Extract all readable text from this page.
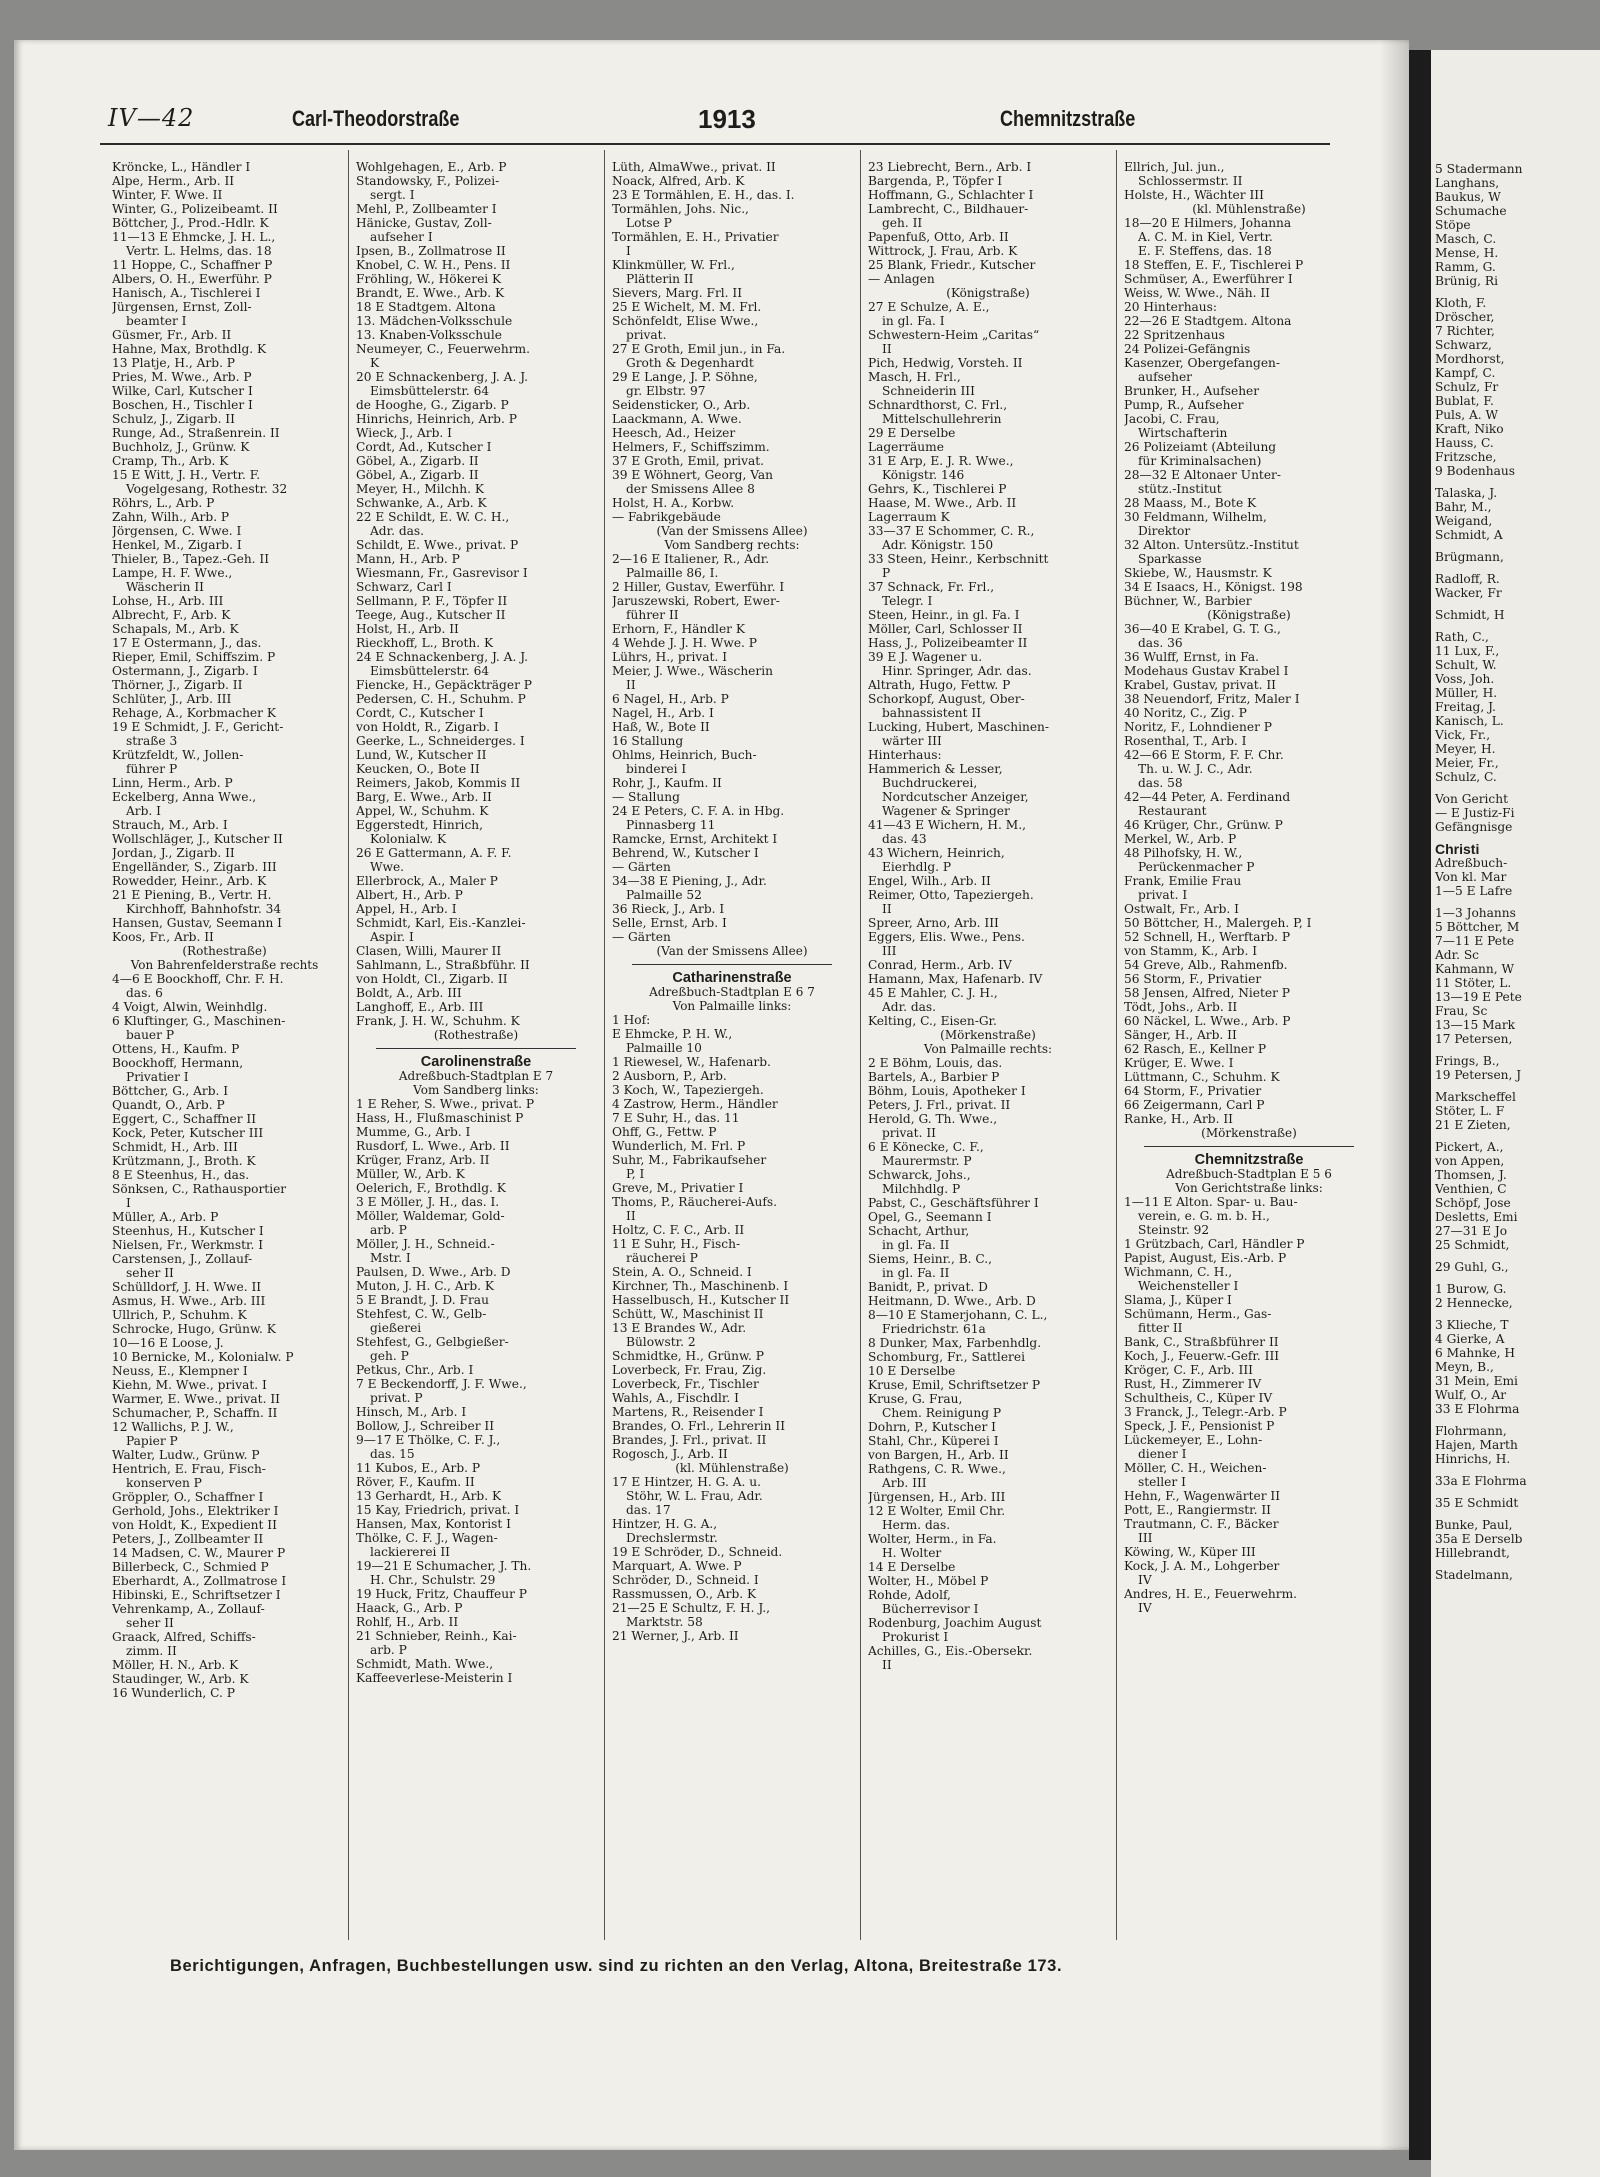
5 Stadermann
Langhans,
Baukus, W
Schumache
Stöpe
Masch, C.
Mense, H.
Ramm, G.
Brünig, Ri
Kloth, F.
Dröscher,
7 Richter,
Schwarz,
Mordhorst,
Kampf, C.
Schulz, Fr
Bublat, F.
Puls, A. W
Kraft, Niko
Hauss, C.
Fritzsche,
9 Bodenhaus
Talaska, J.
Bahr, M.,
Weigand,
Schmidt, A
Brügmann,
Radloff, R.
Wacker, Fr
Schmidt, H
Rath, C.,
11 Lux, F.,
Schult, W.
Voss, Joh.
Müller, H.
Freitag, J.
Kanisch, L.
Vick, Fr.,
Meyer, H.
Meier, Fr.,
Schulz, C.
Von Gericht
— E Justiz-Fi
Gefängnisge
Christi
Adreßbuch-
Von kl. Mar
1—5 E Lafre
1—3 Johanns
5 Böttcher, M
7—11 E Pete
Adr. Sc
Kahmann, W
11 Stöter, L.
13—19 E Pete
Frau, Sc
13—15 Mark
17 Petersen,
Frings, B.,
19 Petersen, J
Markscheffel
Stöter, L. F
21 E Zieten,
Pickert, A.,
von Appen,
Thomsen, J.
Venthien, C
Schöpf, Jose
Desletts, Emi
27—31 E Jo
25 Schmidt,
29 Guhl, G.,
1 Burow, G.
2 Hennecke,
3 Klieche, T
4 Gierke, A
6 Mahnke, H
Meyn, B.,
31 Mein, Emi
Wulf, O., Ar
33 E Flohrma
Flohrmann,
Hajen, Marth
Hinrichs, H.
33a E Flohrma
35 E Schmidt
Bunke, Paul,
35a E Derselb
Hillebrandt,
Stadelmann,
IV—42	Carl-Theodorstraße	1913	Chemnitzstraße
Kröncke, L., Händler I
Alpe, Herm., Arb. II
Winter, F. Wwe. II
Winter, G., Polizeibeamt. II
Böttcher, J., Prod.-Hdlr. K
11—13 E Ehmcke, J. H. L.,
Vertr. L. Helms, das. 18
11 Hoppe, C., Schaffner P
Albers, O. H., Ewerführ. P
Hanisch, A., Tischlerei I
Jürgensen, Ernst, Zoll-
beamter I
Güsmer, Fr., Arb. II
Hahne, Max, Brothdlg. K
13 Platje, H., Arb. P
Pries, M. Wwe., Arb. P
Wilke, Carl, Kutscher I
Boschen, H., Tischler I
Schulz, J., Zigarb. II
Runge, Ad., Straßenrein. II
Buchholz, J., Grünw. K
Cramp, Th., Arb. K
15 E Witt, J. H., Vertr. F.
Vogelgesang, Rothestr. 32
Röhrs, L., Arb. P
Zahn, Wilh., Arb. P
Jörgensen, C. Wwe. I
Henkel, M., Zigarb. I
Thieler, B., Tapez.-Geh. II
Lampe, H. F. Wwe.,
Wäscherin II
Lohse, H., Arb. III
Albrecht, F., Arb. K
Schapals, M., Arb. K
17 E Ostermann, J., das.
Rieper, Emil, Schiffszim. P
Ostermann, J., Zigarb. I
Thörner, J., Zigarb. II
Schlüter, J., Arb. III
Rehage, A., Korbmacher K
19 E Schmidt, J. F., Gericht-
straße 3
Krützfeldt, W., Jollen-
führer P
Linn, Herm., Arb. P
Eckelberg, Anna Wwe.,
Arb. I
Strauch, M., Arb. I
Wollschläger, J., Kutscher II
Jordan, J., Zigarb. II
Engelländer, S., Zigarb. III
Rowedder, Heinr., Arb. K
21 E Piening, B., Vertr. H.
Kirchhoff, Bahnhofstr. 34
Hansen, Gustav, Seemann I
Koos, Fr., Arb. II
(Rothestraße)
Von Bahrenfelderstraße rechts
4—6 E Boockhoff, Chr. F. H.
das. 6
4 Voigt, Alwin, Weinhdlg.
6 Kluftinger, G., Maschinen-
bauer P
Ottens, H., Kaufm. P
Boockhoff, Hermann,
Privatier I
Böttcher, G., Arb. I
Quandt, O., Arb. P
Eggert, C., Schaffner II
Kock, Peter, Kutscher III
Schmidt, H., Arb. III
Krützmann, J., Broth. K
8 E Steenhus, H., das.
Sönksen, C., Rathausportier
I
Müller, A., Arb. P
Steenhus, H., Kutscher I
Nielsen, Fr., Werkmstr. I
Carstensen, J., Zollauf-
seher II
Schülldorf, J. H. Wwe. II
Asmus, H. Wwe., Arb. III
Ullrich, P., Schuhm. K
Schrocke, Hugo, Grünw. K
10—16 E Loose, J.
10 Bernicke, M., Kolonialw. P
Neuss, E., Klempner I
Kiehn, M. Wwe., privat. I
Warmer, E. Wwe., privat. II
Schumacher, P., Schaffn. II
12 Wallichs, P. J. W.,
Papier P
Walter, Ludw., Grünw. P
Hentrich, E. Frau, Fisch-
konserven P
Gröppler, O., Schaffner I
Gerhold, Johs., Elektriker I
von Holdt, K., Expedient II
Peters, J., Zollbeamter II
14 Madsen, C. W., Maurer P
Billerbeck, C., Schmied P
Eberhardt, A., Zollmatrose I
Hibinski, E., Schriftsetzer I
Vehrenkamp, A., Zollauf-
seher II
Graack, Alfred, Schiffs-
zimm. II
Möller, H. N., Arb. K
Staudinger, W., Arb. K
16 Wunderlich, C. P
Wohlgehagen, E., Arb. P
Standowsky, F., Polizei-
sergt. I
Mehl, P., Zollbeamter I
Hänicke, Gustav, Zoll-
aufseher I
Ipsen, B., Zollmatrose II
Knobel, C. W. H., Pens. II
Fröhling, W., Hökerei K
Brandt, E. Wwe., Arb. K
18 E Stadtgem. Altona
13. Mädchen-Volksschule
13. Knaben-Volksschule
Neumeyer, C., Feuerwehrm.
K
20 E Schnackenberg, J. A. J.
Eimsbüttelerstr. 64
de Hooghe, G., Zigarb. P
Hinrichs, Heinrich, Arb. P
Wieck, J., Arb. I
Cordt, Ad., Kutscher I
Göbel, A., Zigarb. II
Göbel, A., Zigarb. II
Meyer, H., Milchh. K
Schwanke, A., Arb. K
22 E Schildt, E. W. C. H.,
Adr. das.
Schildt, E. Wwe., privat. P
Mann, H., Arb. P
Wiesmann, Fr., Gasrevisor I
Schwarz, Carl I
Sellmann, P. F., Töpfer II
Teege, Aug., Kutscher II
Holst, H., Arb. II
Rieckhoff, L., Broth. K
24 E Schnackenberg, J. A. J.
Eimsbüttelerstr. 64
Fiencke, H., Gepäckträger P
Pedersen, C. H., Schuhm. P
Cordt, C., Kutscher I
von Holdt, R., Zigarb. I
Geerke, L., Schneiderges. I
Lund, W., Kutscher II
Keucken, O., Bote II
Reimers, Jakob, Kommis II
Barg, E. Wwe., Arb. II
Appel, W., Schuhm. K
Eggerstedt, Hinrich,
Kolonialw. K
26 E Gattermann, A. F. F.
Wwe.
Ellerbrock, A., Maler P
Albert, H., Arb. P
Appel, H., Arb. I
Schmidt, Karl, Eis.-Kanzlei-
Aspir. I
Clasen, Willi, Maurer II
Sahlmann, L., Straßbführ. II
von Holdt, Cl., Zigarb. II
Boldt, A., Arb. III
Langhoff, E., Arb. III
Frank, J. H. W., Schuhm. K
(Rothestraße)
Carolinenstraße
Adreßbuch-Stadtplan E 7
Vom Sandberg links:
1 E Reher, S. Wwe., privat. P
Hass, H., Flußmaschinist P
Mumme, G., Arb. I
Rusdorf, L. Wwe., Arb. II
Krüger, Franz, Arb. II
Müller, W., Arb. K
Oelerich, F., Brothdlg. K
3 E Möller, J. H., das. I.
Möller, Waldemar, Gold-
arb. P
Möller, J. H., Schneid.-
Mstr. I
Paulsen, D. Wwe., Arb. D
Muton, J. H. C., Arb. K
5 E Brandt, J. D. Frau
Stehfest, C. W., Gelb-
gießerei
Stehfest, G., Gelbgießer-
geh. P
Petkus, Chr., Arb. I
7 E Beckendorff, J. F. Wwe.,
privat. P
Hinsch, M., Arb. I
Bollow, J., Schreiber II
9—17 E Thölke, C. F. J.,
das. 15
11 Kubos, E., Arb. P
Röver, F., Kaufm. II
13 Gerhardt, H., Arb. K
15 Kay, Friedrich, privat. I
Hansen, Max, Kontorist I
Thölke, C. F. J., Wagen-
lackiererei II
19—21 E Schumacher, J. Th.
H. Chr., Schulstr. 29
19 Huck, Fritz, Chauffeur P
Haack, G., Arb. P
Rohlf, H., Arb. II
21 Schnieber, Reinh., Kai-
arb. P
Schmidt, Math. Wwe.,
Kaffeeverlese-Meisterin I
Lüth, AlmaWwe., privat. II
Noack, Alfred, Arb. K
23 E Tormählen, E. H., das. I.
Tormählen, Johs. Nic.,
Lotse P
Tormählen, E. H., Privatier
I
Klinkmüller, W. Frl.,
Plätterin II
Sievers, Marg. Frl. II
25 E Wichelt, M. M. Frl.
Schönfeldt, Elise Wwe.,
privat.
27 E Groth, Emil jun., in Fa.
Groth & Degenhardt
29 E Lange, J. P. Söhne,
gr. Elbstr. 97
Seidensticker, O., Arb.
Laackmann, A. Wwe.
Heesch, Ad., Heizer
Helmers, F., Schiffszimm.
37 E Groth, Emil, privat.
39 E Wöhnert, Georg, Van
der Smissens Allee 8
Holst, H. A., Korbw.
— Fabrikgebäude
(Van der Smissens Allee)
Vom Sandberg rechts:
2—16 E Italiener, R., Adr.
Palmaille 86, I.
2 Hiller, Gustav, Ewerführ. I
Jaruszewski, Robert, Ewer-
führer II
Erhorn, F., Händler K
4 Wehde J. J. H. Wwe. P
Lührs, H., privat. I
Meier, J. Wwe., Wäscherin
II
6 Nagel, H., Arb. P
Nagel, H., Arb. I
Haß, W., Bote II
16 Stallung
Ohlms, Heinrich, Buch-
binderei I
Rohr, J., Kaufm. II
— Stallung
24 E Peters, C. F. A. in Hbg.
Pinnasberg 11
Ramcke, Ernst, Architekt I
Behrend, W., Kutscher I
— Gärten
34—38 E Piening, J., Adr.
Palmaille 52
36 Rieck, J., Arb. I
Selle, Ernst, Arb. I
— Gärten
(Van der Smissens Allee)
Catharinenstraße
Adreßbuch-Stadtplan E 6 7
Von Palmaille links:
1 Hof:
E Ehmcke, P. H. W.,
Palmaille 10
1 Riewesel, W., Hafenarb.
2 Ausborn, P., Arb.
3 Koch, W., Tapeziergeh.
4 Zastrow, Herm., Händler
7 E Suhr, H., das. 11
Ohff, G., Fettw. P
Wunderlich, M. Frl. P
Suhr, M., Fabrikaufseher
P, I
Greve, M., Privatier I
Thoms, P., Räucherei-Aufs.
II
Holtz, C. F. C., Arb. II
11 E Suhr, H., Fisch-
räucherei P
Stein, A. O., Schneid. I
Kirchner, Th., Maschinenb. I
Hasselbusch, H., Kutscher II
Schütt, W., Maschinist II
13 E Brandes W., Adr.
Bülowstr. 2
Schmidtke, H., Grünw. P
Loverbeck, Fr. Frau, Zig.
Loverbeck, Fr., Tischler
Wahls, A., Fischdlr. I
Martens, R., Reisender I
Brandes, O. Frl., Lehrerin II
Brandes, J. Frl., privat. II
Rogosch, J., Arb. II
(kl. Mühlenstraße)
17 E Hintzer, H. G. A. u.
Stöhr, W. L. Frau, Adr.
das. 17
Hintzer, H. G. A.,
Drechslermstr.
19 E Schröder, D., Schneid.
Marquart, A. Wwe. P
Schröder, D., Schneid. I
Rassmussen, O., Arb. K
21—25 E Schultz, F. H. J.,
Marktstr. 58
21 Werner, J., Arb. II
23 Liebrecht, Bern., Arb. I
Bargenda, P., Töpfer I
Hoffmann, G., Schlachter I
Lambrecht, C., Bildhauer-
geh. II
Papenfuß, Otto, Arb. II
Wittrock, J. Frau, Arb. K
25 Blank, Friedr., Kutscher
— Anlagen
(Königstraße)
27 E Schulze, A. E.,
in gl. Fa. I
Schwestern-Heim „Caritas“
II
Pich, Hedwig, Vorsteh. II
Masch, H. Frl.,
Schneiderin III
Schnardthorst, C. Frl.,
Mittelschullehrerin
29 E Derselbe
Lagerräume
31 E Arp, E. J. R. Wwe.,
Königstr. 146
Gehrs, K., Tischlerei P
Haase, M. Wwe., Arb. II
Lagerraum K
33—37 E Schommer, C. R.,
Adr. Königstr. 150
33 Steen, Heinr., Kerbschnitt
P
37 Schnack, Fr. Frl.,
Telegr. I
Steen, Heinr., in gl. Fa. I
Möller, Carl, Schlosser II
Hass, J., Polizeibeamter II
39 E J. Wagener u.
Hinr. Springer, Adr. das.
Altrath, Hugo, Fettw. P
Schorkopf, August, Ober-
bahnassistent II
Lucking, Hubert, Maschinen-
wärter III
Hinterhaus:
Hammerich & Lesser,
Buchdruckerei,
Nordcutscher Anzeiger,
Wagener & Springer
41—43 E Wichern, H. M.,
das. 43
43 Wichern, Heinrich,
Eierhdlg. P
Engel, Wilh., Arb. II
Reimer, Otto, Tapeziergeh.
II
Spreer, Arno, Arb. III
Eggers, Elis. Wwe., Pens.
III
Conrad, Herm., Arb. IV
Hamann, Max, Hafenarb. IV
45 E Mahler, C. J. H.,
Adr. das.
Kelting, C., Eisen-Gr.
(Mörkenstraße)
Von Palmaille rechts:
2 E Böhm, Louis, das.
Bartels, A., Barbier P
Böhm, Louis, Apotheker I
Peters, J. Frl., privat. II
Herold, G. Th. Wwe.,
privat. II
6 E Könecke, C. F.,
Maurermstr. P
Schwarck, Johs.,
Milchhdlg. P
Pabst, C., Geschäftsführer I
Opel, G., Seemann I
Schacht, Arthur,
in gl. Fa. II
Siems, Heinr., B. C.,
in gl. Fa. II
Banidt, P., privat. D
Heitmann, D. Wwe., Arb. D
8—10 E Stamerjohann, C. L.,
Friedrichstr. 61a
8 Dunker, Max, Farbenhdlg.
Schomburg, Fr., Sattlerei
10 E Derselbe
Kruse, Emil, Schriftsetzer P
Kruse, G. Frau,
Chem. Reinigung P
Dohrn, P., Kutscher I
Stahl, Chr., Küperei I
von Bargen, H., Arb. II
Rathgens, C. R. Wwe.,
Arb. III
Jürgensen, H., Arb. III
12 E Wolter, Emil Chr.
Herm. das.
Wolter, Herm., in Fa.
H. Wolter
14 E Derselbe
Wolter, H., Möbel P
Rohde, Adolf,
Bücherrevisor I
Rodenburg, Joachim August
Prokurist I
Achilles, G., Eis.-Obersekr.
II
Ellrich, Jul. jun.,
Schlossermstr. II
Holste, H., Wächter III
(kl. Mühlenstraße)
18—20 E Hilmers, Johanna
A. C. M. in Kiel, Vertr.
E. F. Steffens, das. 18
18 Steffen, E. F., Tischlerei P
Schmüser, A., Ewerführer I
Weiss, W. Wwe., Näh. II
20 Hinterhaus:
22—26 E Stadtgem. Altona
22 Spritzenhaus
24 Polizei-Gefängnis
Kasenzer, Obergefangen-
aufseher
Brunker, H., Aufseher
Pump, R., Aufseher
Jacobi, C. Frau,
Wirtschafterin
26 Polizeiamt (Abteilung
für Kriminalsachen)
28—32 E Altonaer Unter-
stütz.-Institut
28 Maass, M., Bote K
30 Feldmann, Wilhelm,
Direktor
32 Alton. Untersütz.-Institut
Sparkasse
Skiebe, W., Hausmstr. K
34 E Isaacs, H., Königst. 198
Büchner, W., Barbier
(Königstraße)
36—40 E Krabel, G. T. G.,
das. 36
36 Wulff, Ernst, in Fa.
Modehaus Gustav Krabel I
Krabel, Gustav, privat. II
38 Neuendorf, Fritz, Maler I
40 Noritz, C., Zig. P
Noritz, F., Lohndiener P
Rosenthal, T., Arb. I
42—66 E Storm, F. F. Chr.
Th. u. W. J. C., Adr.
das. 58
42—44 Peter, A. Ferdinand
Restaurant
46 Krüger, Chr., Grünw. P
Merkel, W., Arb. P
48 Pilhofsky, H. W.,
Perückenmacher P
Frank, Emilie Frau
privat. I
Ostwalt, Fr., Arb. I
50 Böttcher, H., Malergeh. P, I
52 Schnell, H., Werftarb. P
von Stamm, K., Arb. I
54 Greve, Alb., Rahmenfb.
56 Storm, F., Privatier
58 Jensen, Alfred, Nieter P
Tödt, Johs., Arb. II
60 Näckel, L. Wwe., Arb. P
Sänger, H., Arb. II
62 Rasch, E., Kellner P
Krüger, E. Wwe. I
Lüttmann, C., Schuhm. K
64 Storm, F., Privatier
66 Zeigermann, Carl P
Ranke, H., Arb. II
(Mörkenstraße)
Chemnitzstraße
Adreßbuch-Stadtplan E 5 6
Von Gerichtstraße links:
1—11 E Alton. Spar- u. Bau-
verein, e. G. m. b. H.,
Steinstr. 92
1 Grützbach, Carl, Händler P
Papist, August, Eis.-Arb. P
Wichmann, C. H.,
Weichensteller I
Slama, J., Küper I
Schümann, Herm., Gas-
fitter II
Bank, C., Straßbführer II
Koch, J., Feuerw.-Gefr. III
Kröger, C. F., Arb. III
Rust, H., Zimmerer IV
Schultheis, C., Küper IV
3 Franck, J., Telegr.-Arb. P
Speck, J. F., Pensionist P
Lückemeyer, E., Lohn-
diener I
Möller, C. H., Weichen-
steller I
Hehn, F., Wagenwärter II
Pott, E., Rangiermstr. II
Trautmann, C. F., Bäcker
III
Köwing, W., Küper III
Kock, J. A. M., Lohgerber
IV
Andres, H. E., Feuerwehrm.
IV
Berichtigungen, Anfragen, Buchbestellungen usw. sind zu richten an den Verlag, Altona, Breitestraße 173.
